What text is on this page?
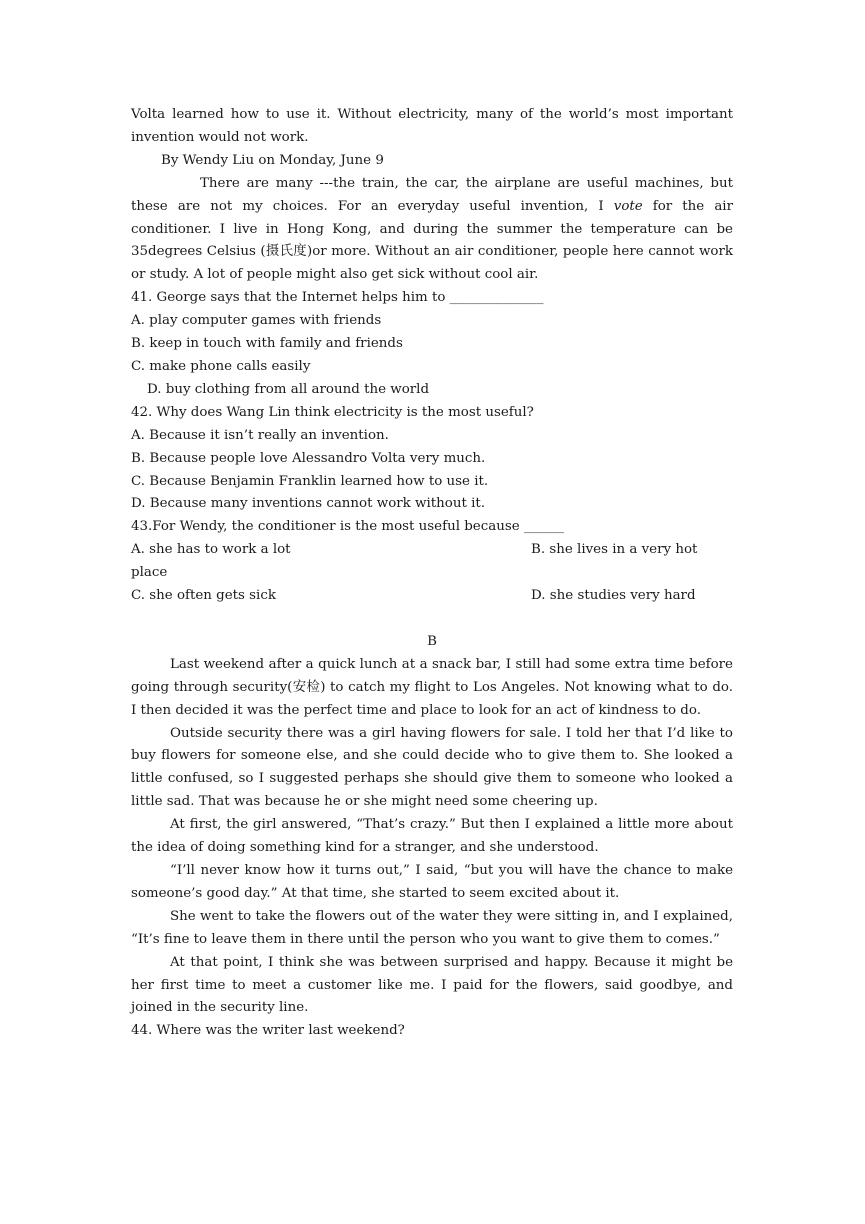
Volta learned how to use it. Without electricity, many of the world’s most important invention would not work.

By Wendy Liu on Monday, June 9

There are many ---the train, the car, the airplane are useful machines, but these are not my choices. For an everyday useful invention, I vote for the air conditioner. I live in Hong Kong, and during the summer the temperature can be 35degrees Celsius (摄氏度)or more. Without an air conditioner, people here cannot work or study. A lot of people might also get sick without cool air.

41. George says that the Internet helps him to ______________

A. play computer games with friends

B. keep in touch with family and friends

C. make phone calls easily

D. buy clothing from all around the world

42. Why does Wang Lin think electricity is the most useful?

A. Because it isn’t really an invention.

B. Because people love Alessandro Volta very much.

C. Because Benjamin Franklin learned how to use it.

D. Because many inventions cannot work without it.

43.For Wendy, the conditioner is the most useful because ______

A. she has to work a lot	B. she lives in a very hot

place

C. she often gets sick	D. she studies very hard

B

Last weekend after a quick lunch at a snack bar, I still had some extra time before going through security(安检) to catch my flight to Los Angeles. Not knowing what to do. I then decided it was the perfect time and place to look for an act of kindness to do.

Outside security there was a girl having flowers for sale. I told her that I’d like to buy flowers for someone else, and she could decide who to give them to. She looked a little confused, so I suggested perhaps she should give them to someone who looked a little sad. That was because he or she might need some cheering up.

At first, the girl answered, “That’s crazy.” But then I explained a little more about the idea of doing something kind for a stranger, and she understood.

“I’ll never know how it turns out,” I said, “but you will have the chance to make someone’s good day.” At that time, she started to seem excited about it.

She went to take the flowers out of the water they were sitting in, and I explained, “It’s fine to leave them in there until the person who you want to give them to comes.”

At that point, I think she was between surprised and happy. Because it might be her first time to meet a customer like me. I paid for the flowers, said goodbye, and joined in the security line.

44. Where was the writer last weekend?
